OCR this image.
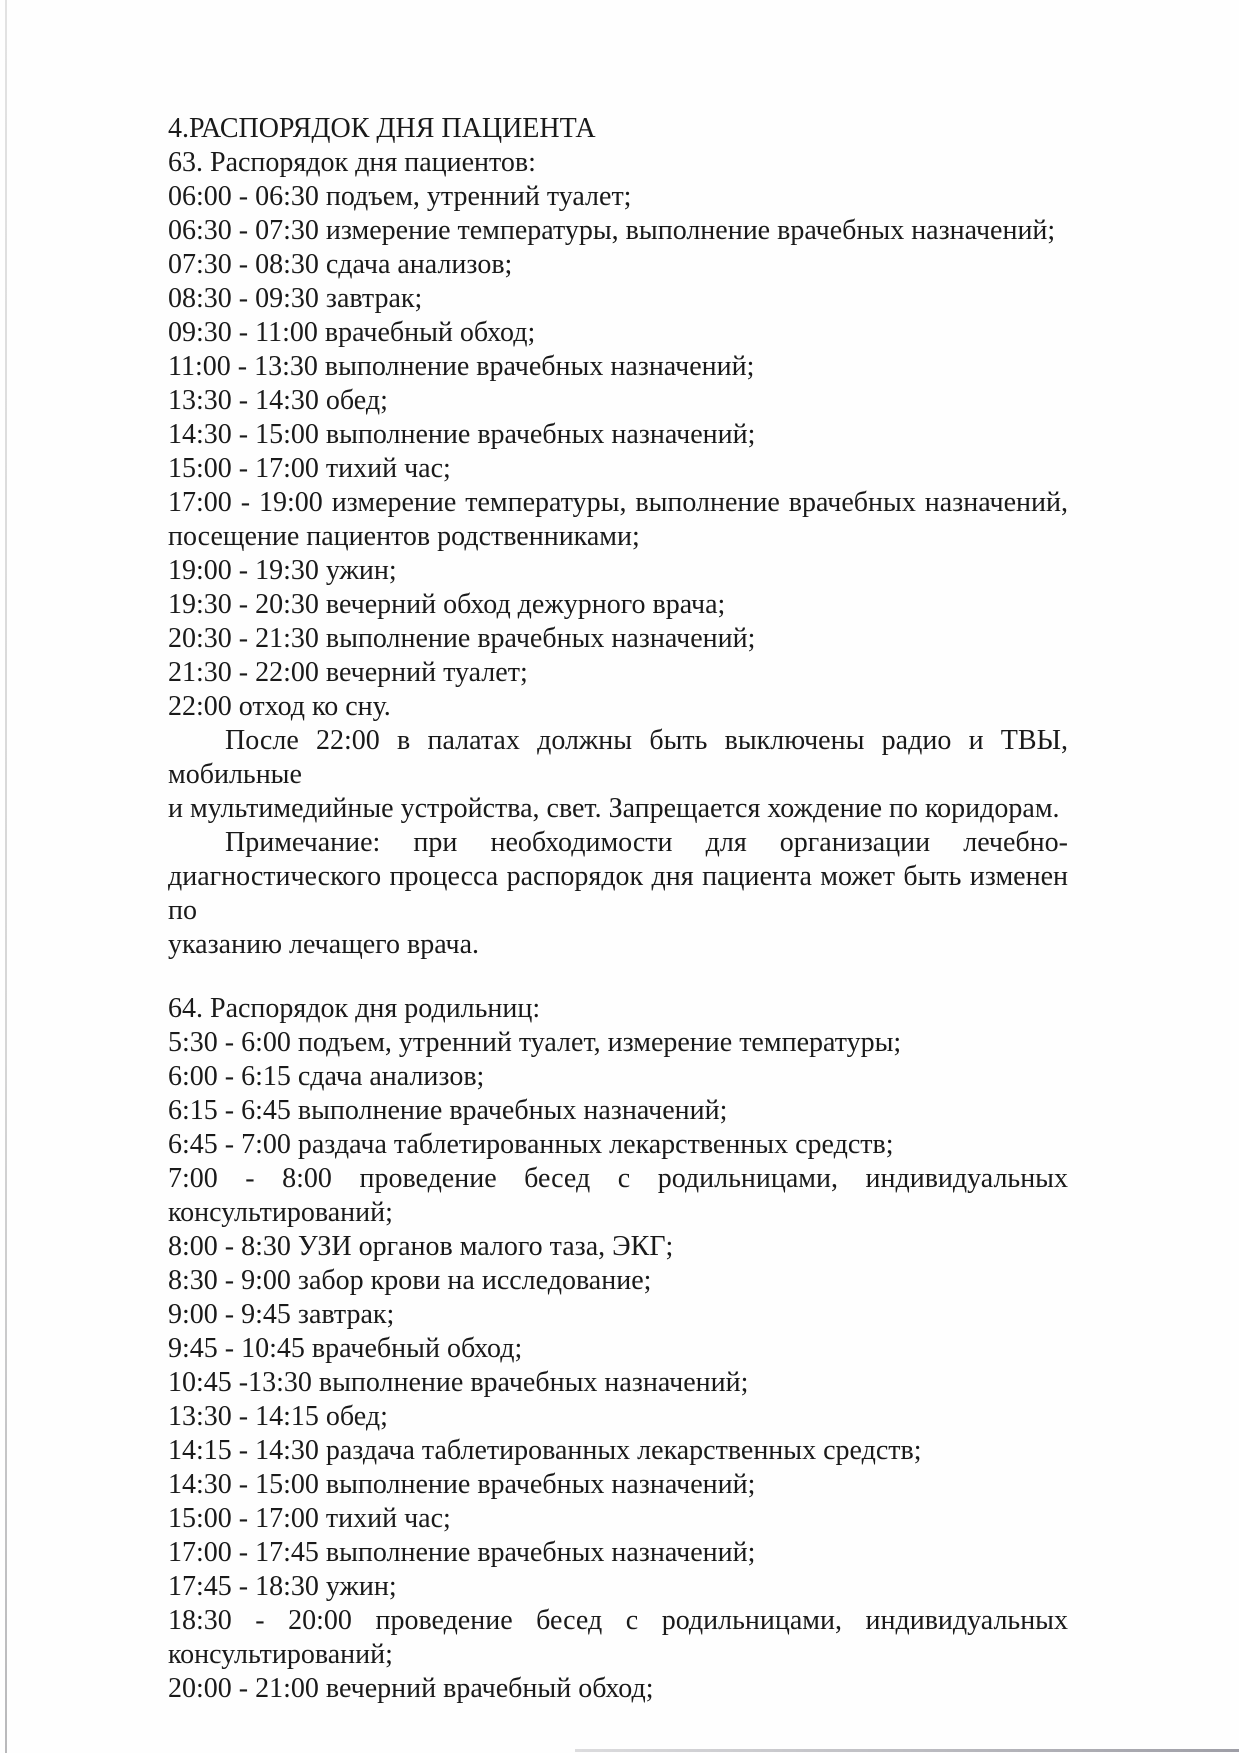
4.РАСПОРЯДОК ДНЯ ПАЦИЕНТА
63. Распорядок дня пациентов:
06:00 - 06:30 подъем, утренний туалет;
06:30 - 07:30 измерение температуры, выполнение врачебных назначений;
07:30 - 08:30 сдача анализов;
08:30 - 09:30 завтрак;
09:30 - 11:00 врачебный обход;
11:00 - 13:30 выполнение врачебных назначений;
13:30 - 14:30 обед;
14:30 - 15:00 выполнение врачебных назначений;
15:00 - 17:00 тихий час;
17:00 - 19:00 измерение температуры, выполнение врачебных назначений,
посещение пациентов родственниками;
19:00 - 19:30 ужин;
19:30 - 20:30 вечерний обход дежурного врача;
20:30 - 21:30 выполнение врачебных назначений;
21:30 - 22:00 вечерний туалет;
22:00 отход ко сну.
После 22:00 в палатах должны быть выключены радио и ТВЫ, мобильные
и мультимедийные устройства, свет. Запрещается хождение по коридорам.
Примечание: при необходимости для организации лечебно-
диагностического процесса распорядок дня пациента может быть изменен по
указанию лечащего врача.
64. Распорядок дня родильниц:
5:30 - 6:00 подъем, утренний туалет, измерение температуры;
6:00 - 6:15 сдача анализов;
6:15 - 6:45 выполнение врачебных назначений;
6:45 - 7:00 раздача таблетированных лекарственных средств;
7:00 - 8:00 проведение бесед с родильницами, индивидуальных
консультирований;
8:00 - 8:30 УЗИ органов малого таза, ЭКГ;
8:30 - 9:00 забор крови на исследование;
9:00 - 9:45 завтрак;
9:45 - 10:45 врачебный обход;
10:45 -13:30 выполнение врачебных назначений;
13:30 - 14:15 обед;
14:15 - 14:30 раздача таблетированных лекарственных средств;
14:30 - 15:00 выполнение врачебных назначений;
15:00 - 17:00 тихий час;
17:00 - 17:45 выполнение врачебных назначений;
17:45 - 18:30 ужин;
18:30 - 20:00 проведение бесед с родильницами, индивидуальных
консультирований;
20:00 - 21:00 вечерний врачебный обход;
